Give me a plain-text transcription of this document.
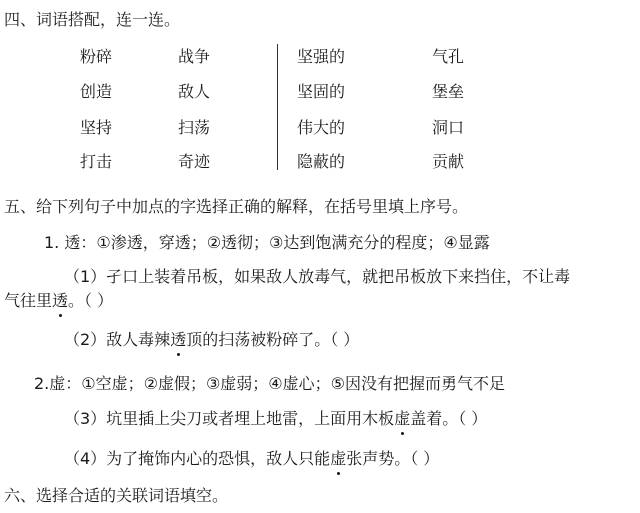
四、词语搭配，连一连。
粉碎
创造
坚持
打击
战争
敌人
扫荡
奇迹
坚强的
坚固的
伟大的
隐蔽的
气孔
堡垒
洞口
贡献
五、给下列句子中加点的字选择正确的解释，在括号里填上序号。
1. 透：①渗透，穿透；②透彻；③达到饱满充分的程度；④显露
（1）孑口上装着吊板，如果敌人放毒气，就把吊板放下来挡住，不让毒
气往里透。（ ）
（2）敌人毒辣透顶的扫荡被粉碎了。（ ）
2.虚：①空虚；②虚假；③虚弱；④虚心；⑤因没有把握而勇气不足
（3）坑里插上尖刀或者埋上地雷，上面用木板虚盖着。（ ）
（4）为了掩饰内心的恐惧，敌人只能虚张声势。（ ）
六、选择合适的关联词语填空。
